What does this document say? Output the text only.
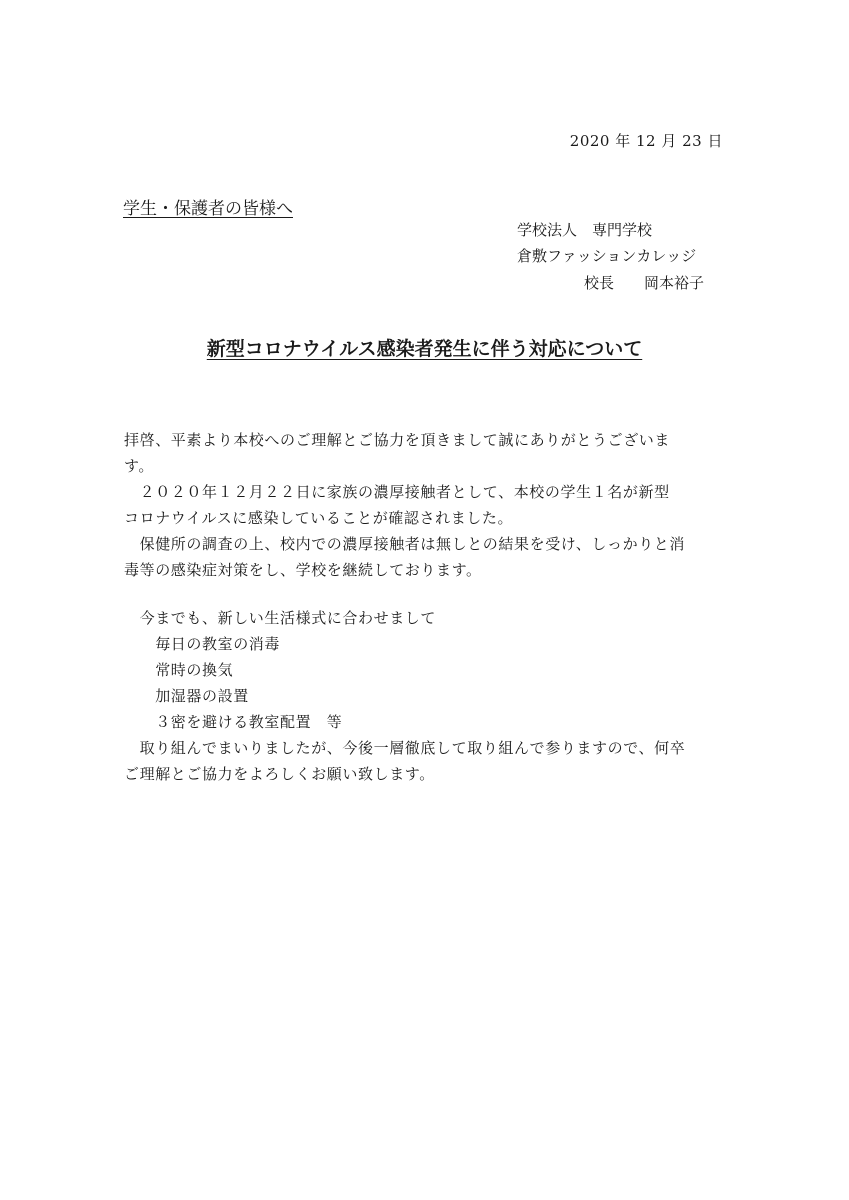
2020 年 12 月 23 日
学生・保護者の皆様へ
学校法人　専門学校
倉敷ファッションカレッジ
校長　　岡本裕子
新型コロナウイルス感染者発生に伴う対応について
拝啓、平素より本校へのご理解とご協力を頂きまして誠にありがとうございま
す。
　２０２０年１２月２２日に家族の濃厚接触者として、本校の学生１名が新型
コロナウイルスに感染していることが確認されました。
　保健所の調査の上、校内での濃厚接触者は無しとの結果を受け、しっかりと消
毒等の感染症対策をし、学校を継続しております。
　今までも、新しい生活様式に合わせまして
　　毎日の教室の消毒
　　常時の換気
　　加湿器の設置
　　３密を避ける教室配置　等
　取り組んでまいりましたが、今後一層徹底して取り組んで参りますので、何卒
ご理解とご協力をよろしくお願い致します。
